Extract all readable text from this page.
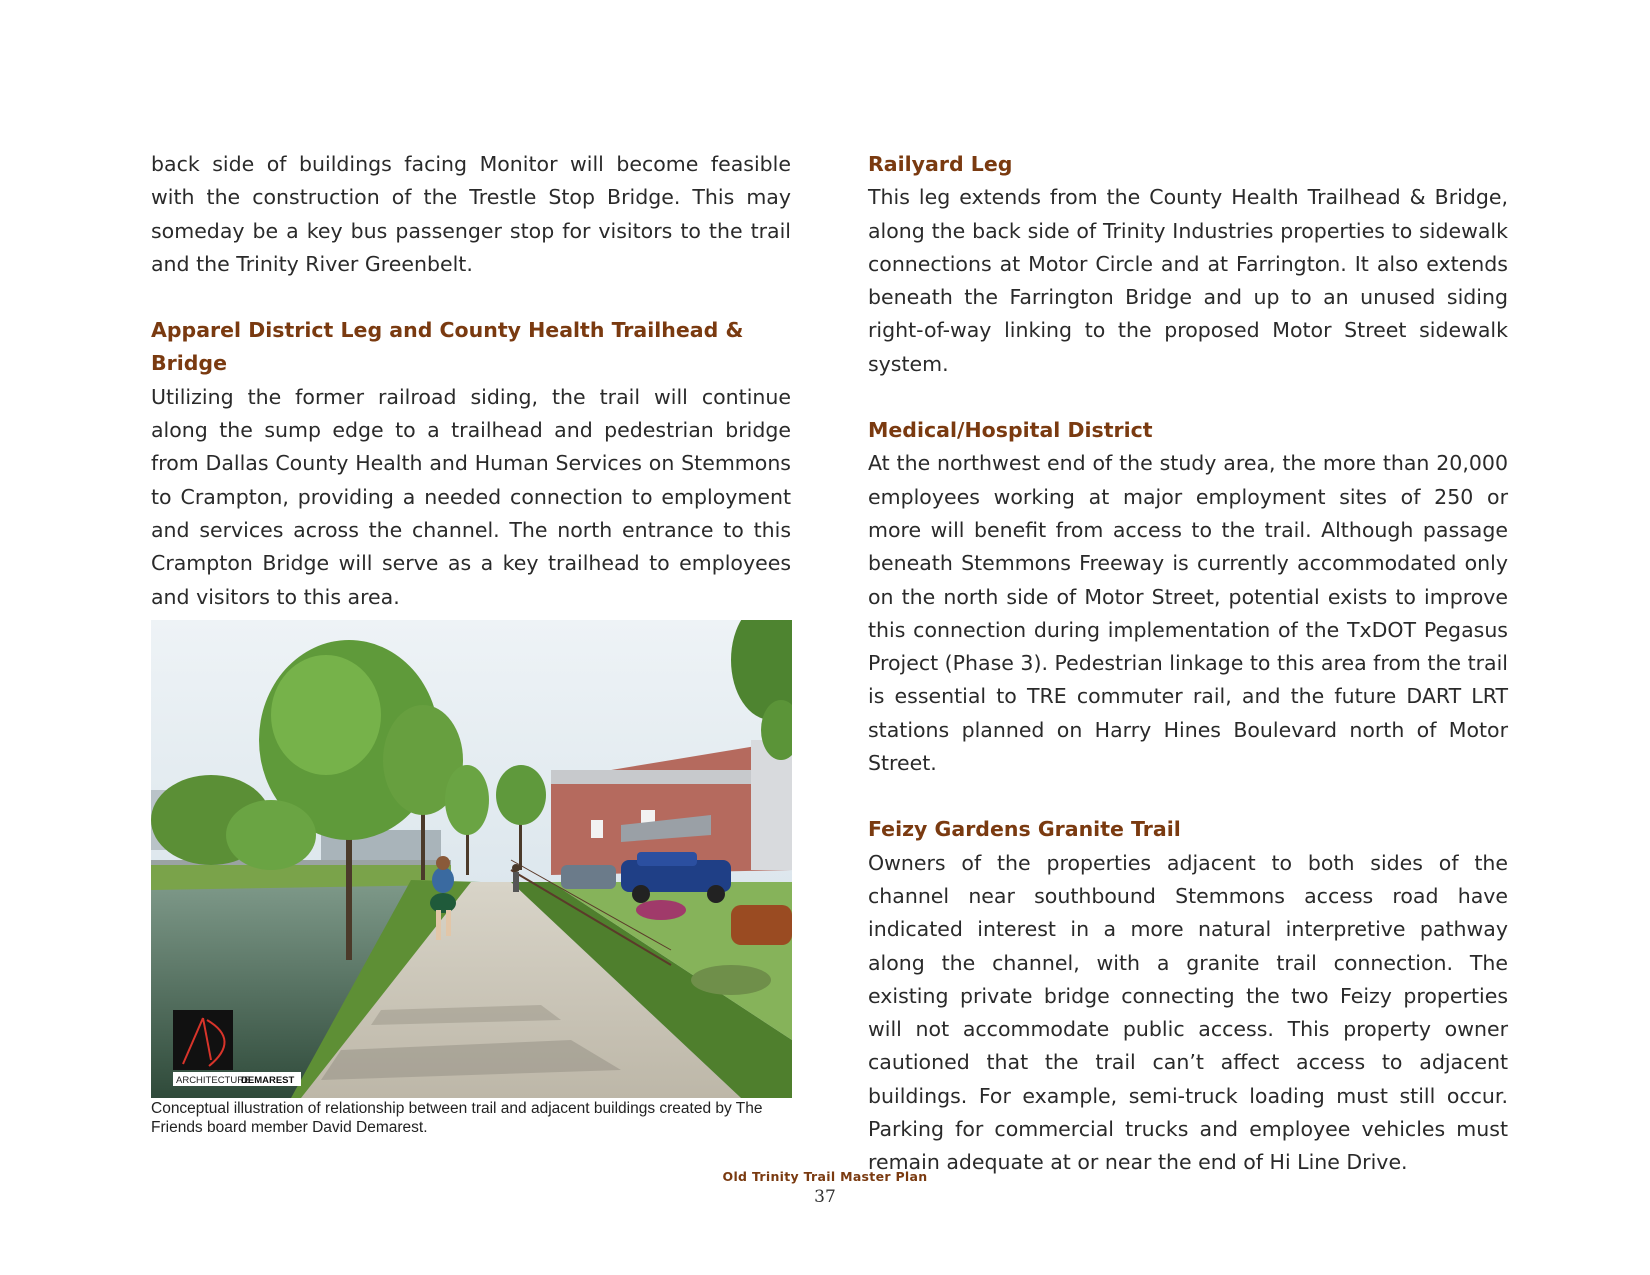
back side of buildings facing Monitor will become feasible with the construction of the Trestle Stop Bridge. This may someday be a key bus passenger stop for visitors to the trail and the Trinity River Greenbelt.

Apparel District Leg and County Health Trailhead & Bridge

Utilizing the former railroad siding, the trail will continue along the sump edge to a trailhead and pedestrian bridge from Dallas County Health and Human Services on Stemmons to Crampton, providing a needed connection to employment and services across the channel. The north entrance to this Crampton Bridge will serve as a key trailhead to employees and visitors to this area.

ARCHITECTURE
DEMAREST
Conceptual illustration of relationship between trail and adjacent buildings created by The Friends board member David Demarest.
Railyard Leg

This leg extends from the County Health Trailhead & Bridge, along the back side of Trinity Industries properties to sidewalk connections at Motor Circle and at Farrington. It also extends beneath the Farrington Bridge and up to an unused siding right-of-way linking to the proposed Motor Street sidewalk system.

Medical/Hospital District

At the northwest end of the study area, the more than 20,000 employees working at major employment sites of 250 or more will benefit from access to the trail. Although passage beneath Stemmons Freeway is currently accommodated only on the north side of Motor Street, potential exists to improve this connection during implementation of the TxDOT Pegasus Project (Phase 3). Pedestrian linkage to this area from the trail is essential to TRE commuter rail, and the future DART LRT stations planned on Harry Hines Boulevard north of Motor Street.

Feizy Gardens Granite Trail

Owners of the properties adjacent to both sides of the channel near southbound Stemmons access road have indicated interest in a more natural interpretive pathway along the channel, with a granite trail connection. The existing private bridge connecting the two Feizy properties will not accommodate public access. This property owner cautioned that the trail can’t affect access to adjacent buildings. For example, semi-truck loading must still occur. Parking for commercial trucks and employee vehicles must remain adequate at or near the end of Hi Line Drive.

Old Trinity Trail Master Plan
37
